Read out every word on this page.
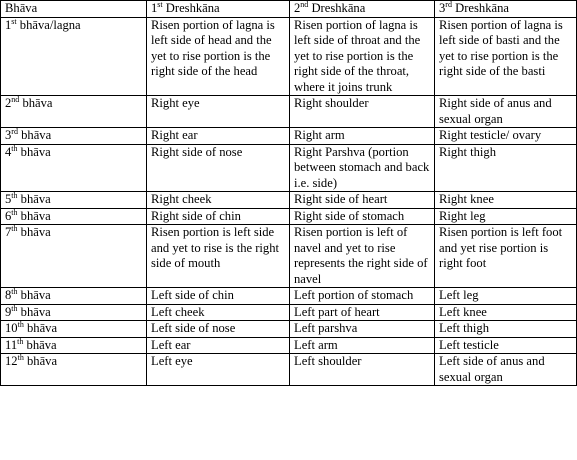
Bhāva	1st Dreshkāna	2nd Dreshkāna	3rd Dreshkāna
1st bhāva/lagna	Risen portion of lagna is left side of head and the yet to rise portion is the right side of the head	Risen portion of lagna is left side of throat and the yet to rise portion is the right side of the throat, where it joins trunk	Risen portion of lagna is left side of basti and the yet to rise portion is the right side of the basti
2nd bhāva	Right eye	Right shoulder	Right side of anus and sexual organ
3rd bhāva	Right ear	Right arm	Right testicle/ ovary
4th bhāva	Right side of nose	Right Parshva (portion between stomach and back i.e. side)	Right thigh
5th bhāva	Right cheek	Right side of heart	Right knee
6th bhāva	Right side of chin	Right side of stomach	Right leg
7th bhāva	Risen portion is left side and yet to rise is the right side of mouth	Risen portion is left of navel and yet to rise represents the right side of navel	Risen portion is left foot and yet rise portion is right foot
8th bhāva	Left side of chin	Left portion of stomach	Left leg
9th bhāva	Left cheek	Left part of heart	Left knee
10th bhāva	Left side of nose	Left parshva	Left thigh
11th bhāva	Left ear	Left arm	Left testicle
12th bhāva	Left eye	Left shoulder	Left side of anus and sexual organ
